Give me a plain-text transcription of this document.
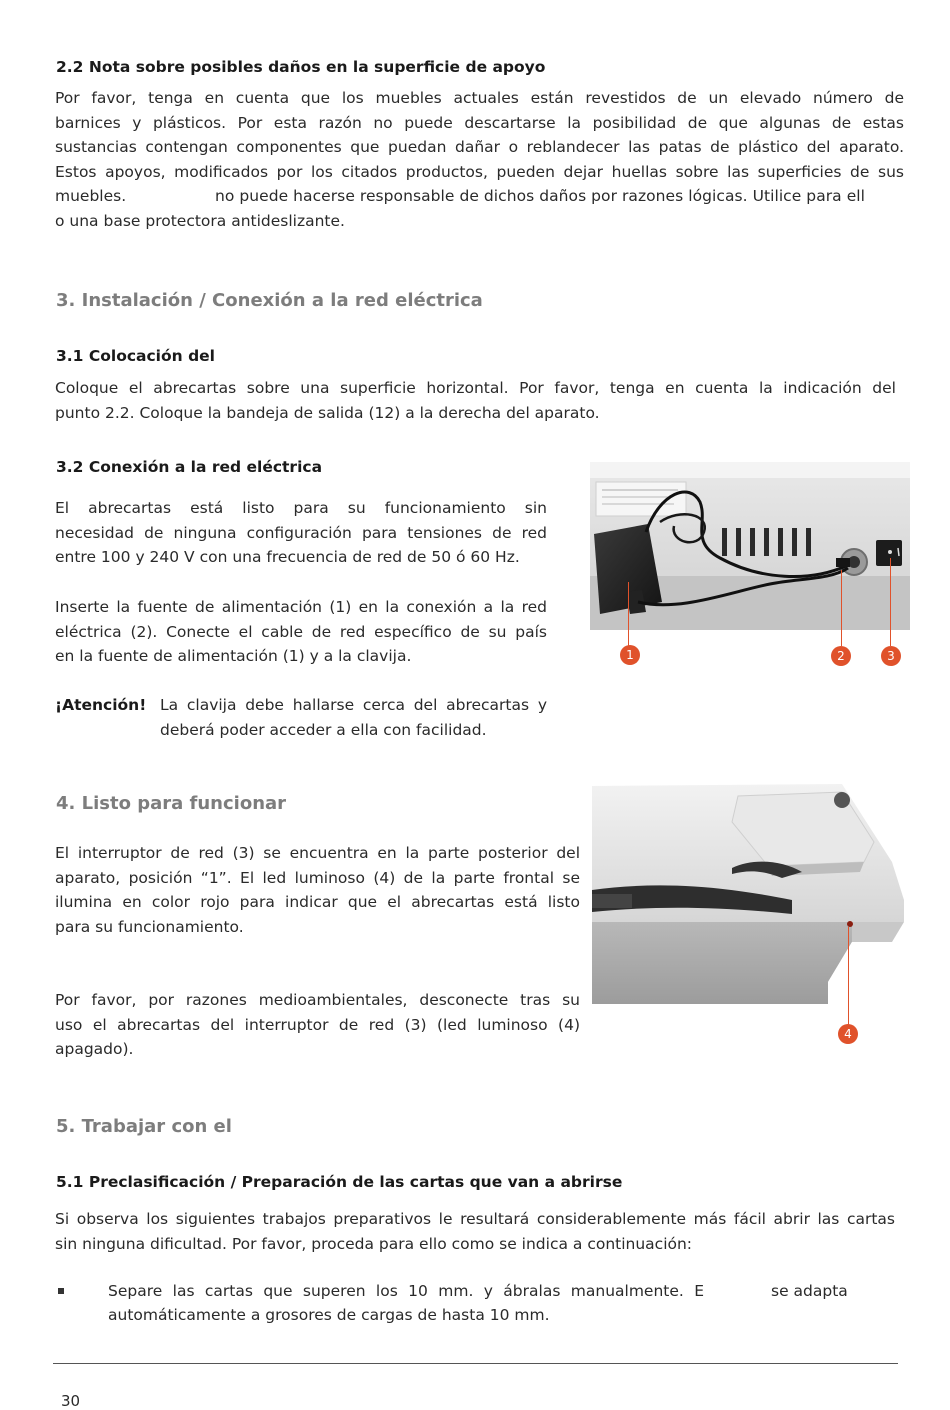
2.2 Nota sobre posibles daños en la superficie de apoyo
Por favor, tenga en cuenta que los muebles actuales están revestidos de un elevado número de
barnices y plásticos. Por esta razón no puede descartarse la posibilidad de que algunas de estas
sustancias contengan componentes que puedan dañar o reblandecer las patas de plástico del aparato.
Estos apoyos, modificados por los citados productos, pueden dejar huellas sobre las superficies de sus
muebles.	no puede hacerse responsable de dichos daños por razones lógicas. Utilice para ell
o una base protectora antideslizante.
3. Instalación / Conexión a la red eléctrica
3.1 Colocación del
Coloque el abrecartas sobre una superficie horizontal. Por favor, tenga en cuenta la indicación del
punto 2.2. Coloque la bandeja de salida (12) a la derecha del aparato.
3.2 Conexión a la red eléctrica
El abrecartas está listo para su funcionamiento sin
necesidad de ninguna configuración para tensiones de red
entre 100 y 240 V con una frecuencia de red de 50 ó 60 Hz.
Inserte la fuente de alimentación (1) en la conexión a la red
eléctrica (2). Conecte el cable de red específico de su país
en la fuente de alimentación (1) y a la clavija.
¡Atención! La clavija debe hallarse cerca del abrecartas y
deberá poder acceder a ella con facilidad.
1	2	3
4. Listo para funcionar
El interruptor de red (3) se encuentra en la parte posterior del
aparato, posición “1”. El led luminoso (4) de la parte frontal se
ilumina en color rojo para indicar que el abrecartas está listo
para su funcionamiento.
Por favor, por razones medioambientales, desconecte tras su
uso el abrecartas del interruptor de red (3) (led luminoso (4)
apagado).
4
5. Trabajar con el
5.1 Preclasificación / Preparación de las cartas que van a abrirse
Si observa los siguientes trabajos preparativos le resultará considerablemente más fácil abrir las cartas
sin ninguna dificultad. Por favor, proceda para ello como se indica a continuación:
Separe las cartas que superen los 10 mm. y ábralas manualmente. E	se adapta
automáticamente a grosores de cargas de hasta 10 mm.
30
